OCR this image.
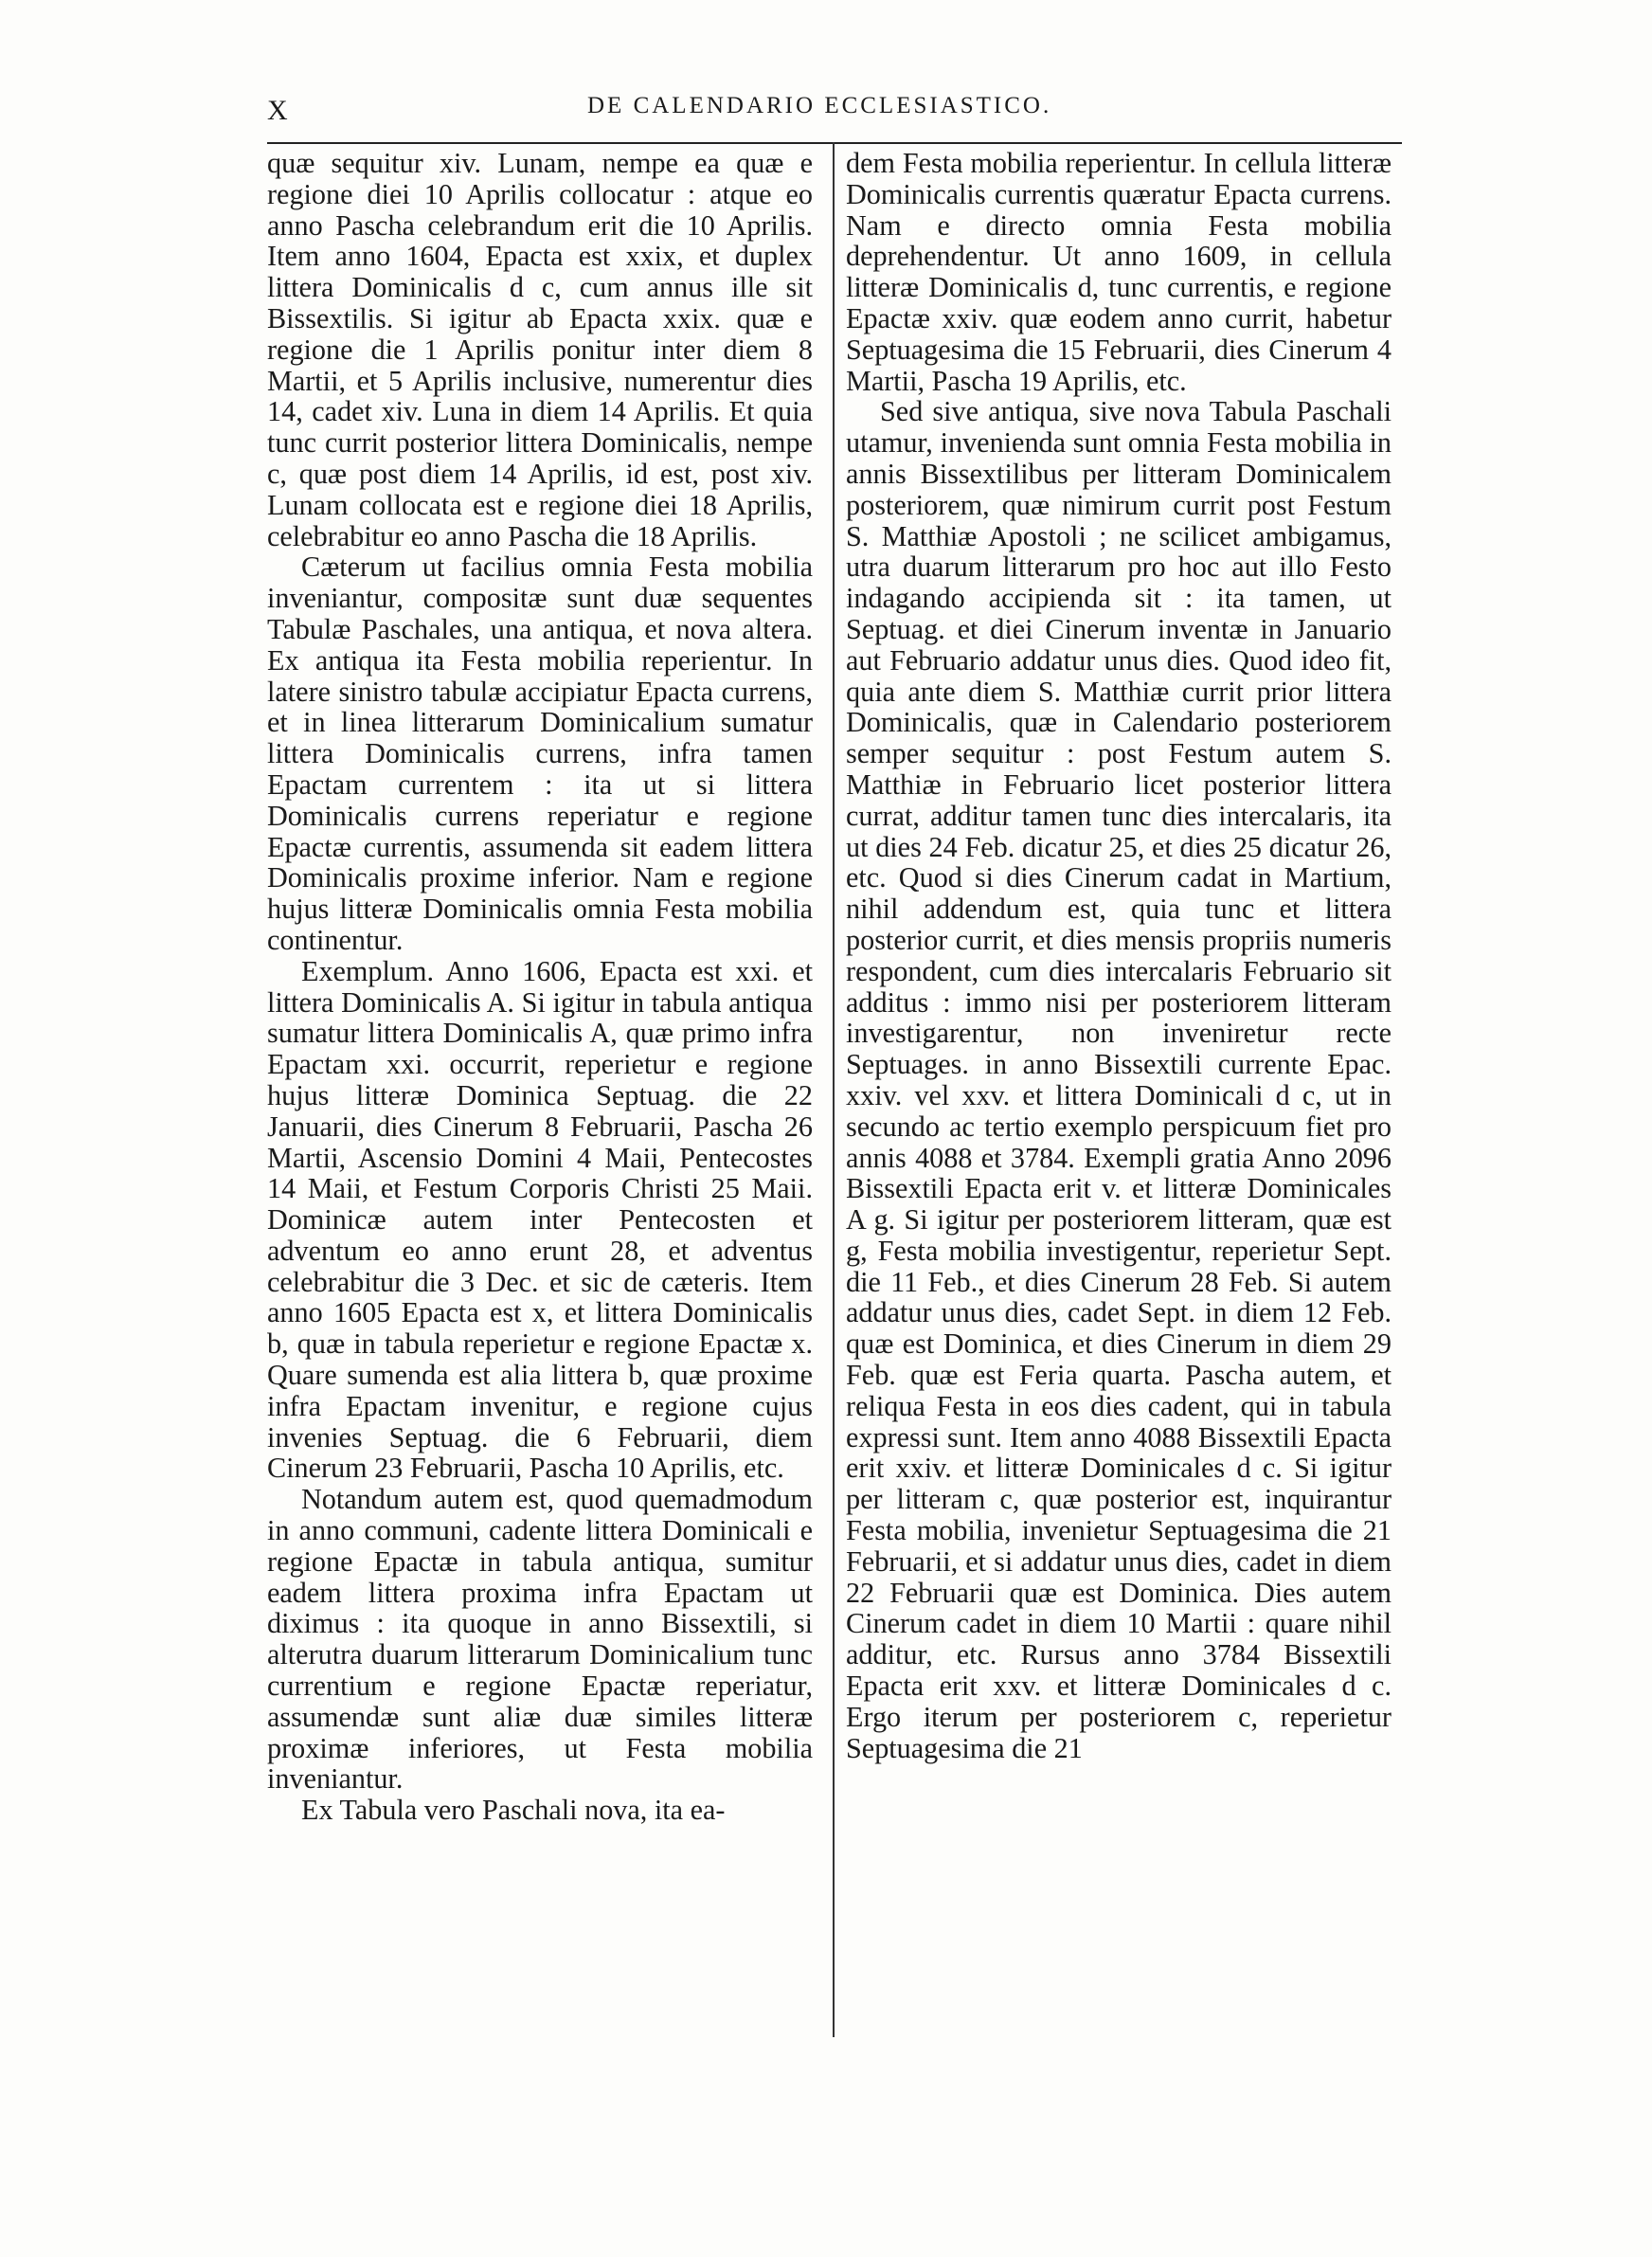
X	DE CALENDARIO ECCLESIASTICO.

quæ sequitur xiv. Lunam, nempe ea quæ e regione diei 10 Aprilis collocatur : atque eo anno Pascha celebrandum erit die 10 Aprilis. Item anno 1604, Epacta est xxix, et duplex littera Dominicalis d c, cum annus ille sit Bissextilis. Si igitur ab Epacta xxix. quæ e regione die 1 Aprilis ponitur inter diem 8 Martii, et 5 Aprilis inclusive, numerentur dies 14, cadet xiv. Luna in diem 14 Aprilis. Et quia tunc currit posterior littera Dominicalis, nempe c, quæ post diem 14 Aprilis, id est, post xiv. Lunam collocata est e regione diei 18 Aprilis, celebrabitur eo anno Pascha die 18 Aprilis.

Cæterum ut facilius omnia Festa mobilia inveniantur, compositæ sunt duæ sequentes Tabulæ Paschales, una antiqua, et nova altera. Ex antiqua ita Festa mobilia reperientur. In latere sinistro tabulæ accipiatur Epacta currens, et in linea litterarum Dominicalium sumatur littera Dominicalis currens, infra tamen Epactam currentem : ita ut si littera Dominicalis currens reperiatur e regione Epactæ currentis, assumenda sit eadem littera Dominicalis proxime inferior. Nam e regione hujus litteræ Dominicalis omnia Festa mobilia continentur.

Exemplum. Anno 1606, Epacta est xxi. et littera Dominicalis A. Si igitur in tabula antiqua sumatur littera Dominicalis A, quæ primo infra Epactam xxi. occurrit, reperietur e regione hujus litteræ Dominica Septuag. die 22 Januarii, dies Cinerum 8 Februarii, Pascha 26 Martii, Ascensio Domini 4 Maii, Pentecostes 14 Maii, et Festum Corporis Christi 25 Maii. Dominicæ autem inter Pentecosten et adventum eo anno erunt 28, et adventus celebrabitur die 3 Dec. et sic de cæteris. Item anno 1605 Epacta est x, et littera Dominicalis b, quæ in tabula reperietur e regione Epactæ x. Quare sumenda est alia littera b, quæ proxime infra Epactam invenitur, e regione cujus invenies Septuag. die 6 Februarii, diem Cinerum 23 Februarii, Pascha 10 Aprilis, etc.

Notandum autem est, quod quemadmodum in anno communi, cadente littera Dominicali e regione Epactæ in tabula antiqua, sumitur eadem littera proxima infra Epactam ut diximus : ita quoque in anno Bissextili, si alterutra duarum litterarum Dominicalium tunc currentium e regione Epactæ reperiatur, assumendæ sunt aliæ duæ similes litteræ proximæ inferiores, ut Festa mobilia inveniantur.

Ex Tabula vero Paschali nova, ita ea-

dem Festa mobilia reperientur. In cellula litteræ Dominicalis currentis quæratur Epacta currens. Nam e directo omnia Festa mobilia deprehendentur. Ut anno 1609, in cellula litteræ Dominicalis d, tunc currentis, e regione Epactæ xxiv. quæ eodem anno currit, habetur Septuagesima die 15 Februarii, dies Cinerum 4 Martii, Pascha 19 Aprilis, etc.

Sed sive antiqua, sive nova Tabula Paschali utamur, invenienda sunt omnia Festa mobilia in annis Bissextilibus per litteram Dominicalem posteriorem, quæ nimirum currit post Festum S. Matthiæ Apostoli ; ne scilicet ambigamus, utra duarum litterarum pro hoc aut illo Festo indagando accipienda sit : ita tamen, ut Septuag. et diei Cinerum inventæ in Januario aut Februario addatur unus dies. Quod ideo fit, quia ante diem S. Matthiæ currit prior littera Dominicalis, quæ in Calendario posteriorem semper sequitur : post Festum autem S. Matthiæ in Februario licet posterior littera currat, additur tamen tunc dies intercalaris, ita ut dies 24 Feb. dicatur 25, et dies 25 dicatur 26, etc. Quod si dies Cinerum cadat in Martium, nihil addendum est, quia tunc et littera posterior currit, et dies mensis propriis numeris respondent, cum dies intercalaris Februario sit additus : immo nisi per posteriorem litteram investigarentur, non inveniretur recte Septuages. in anno Bissextili currente Epac. xxiv. vel xxv. et littera Dominicali d c, ut in secundo ac tertio exemplo perspicuum fiet pro annis 4088 et 3784. Exempli gratia Anno 2096 Bissextili Epacta erit v. et litteræ Dominicales A g. Si igitur per posteriorem litteram, quæ est g, Festa mobilia investigentur, reperietur Sept. die 11 Feb., et dies Cinerum 28 Feb. Si autem addatur unus dies, cadet Sept. in diem 12 Feb. quæ est Dominica, et dies Cinerum in diem 29 Feb. quæ est Feria quarta. Pascha autem, et reliqua Festa in eos dies cadent, qui in tabula expressi sunt. Item anno 4088 Bissextili Epacta erit xxiv. et litteræ Dominicales d c. Si igitur per litteram c, quæ posterior est, inquirantur Festa mobilia, invenietur Septuagesima die 21 Februarii, et si addatur unus dies, cadet in diem 22 Februarii quæ est Dominica. Dies autem Cinerum cadet in diem 10 Martii : quare nihil additur, etc. Rursus anno 3784 Bissextili Epacta erit xxv. et litteræ Dominicales d c. Ergo iterum per posteriorem c, reperietur Septuagesima die 21
